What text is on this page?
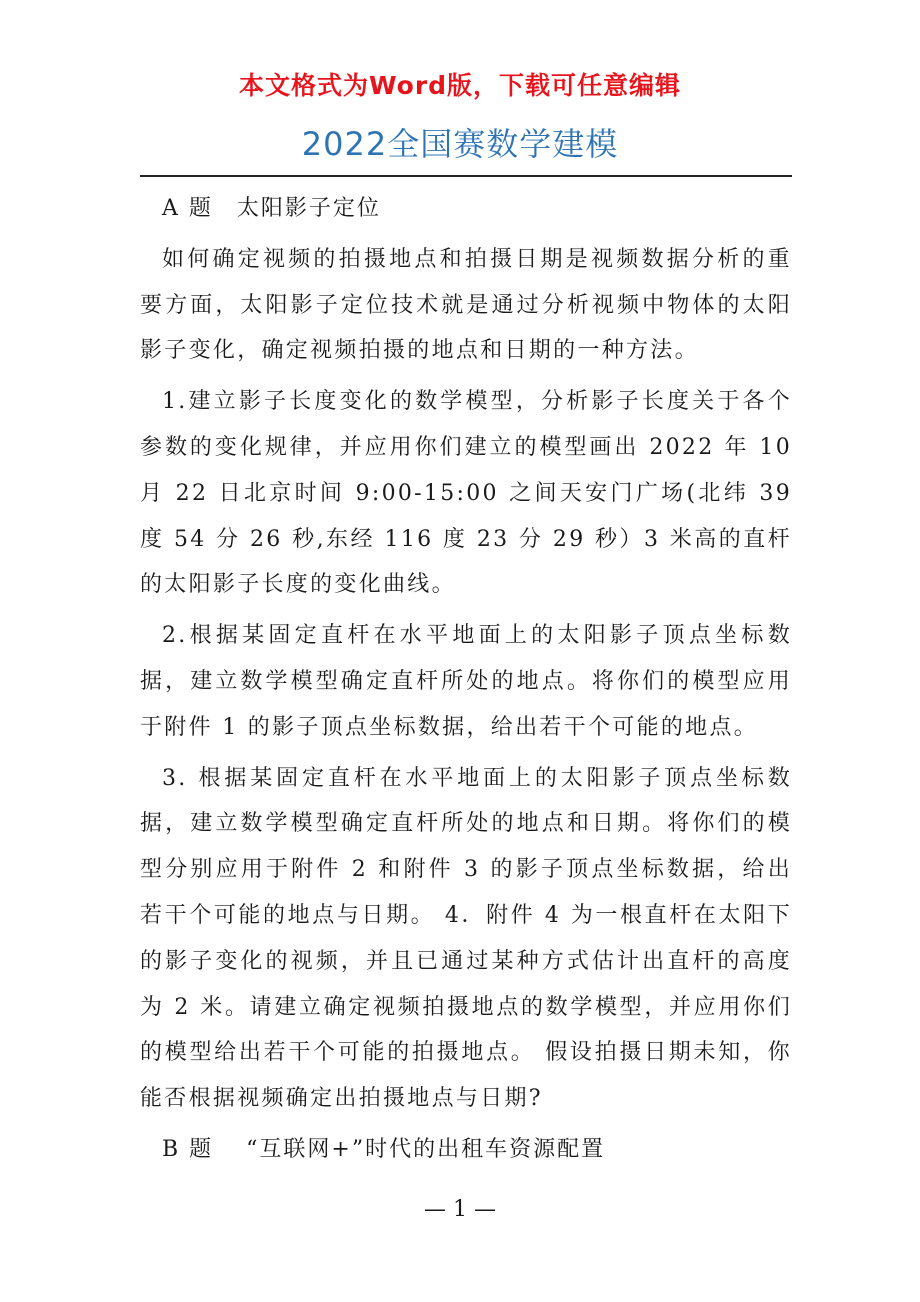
本文格式为Word版，下载可任意编辑
2022全国赛数学建模

A 题　太阳影子定位

如何确定视频的拍摄地点和拍摄日期是视频数据分析的重要方面，太阳影子定位技术就是通过分析视频中物体的太阳影子变化，确定视频拍摄的地点和日期的一种方法。

1.建立影子长度变化的数学模型，分析影子长度关于各个参数的变化规律，并应用你们建立的模型画出 2022 年 10 月 22 日北京时间 9:00-15:00 之间天安门广场(北纬 39 度 54 分 26 秒,东经 116 度 23 分 29 秒）3 米高的直杆的太阳影子长度的变化曲线。

2.根据某固定直杆在水平地面上的太阳影子顶点坐标数据，建立数学模型确定直杆所处的地点。将你们的模型应用于附件 1 的影子顶点坐标数据，给出若干个可能的地点。

3. 根据某固定直杆在水平地面上的太阳影子顶点坐标数据，建立数学模型确定直杆所处的地点和日期。将你们的模型分别应用于附件 2 和附件 3 的影子顶点坐标数据，给出若干个可能的地点与日期。 4．附件 4 为一根直杆在太阳下的影子变化的视频，并且已通过某种方式估计出直杆的高度为 2 米。请建立确定视频拍摄地点的数学模型，并应用你们的模型给出若干个可能的拍摄地点。 假设拍摄日期未知，你能否根据视频确定出拍摄地点与日期?

B 题　 “互联网+”时代的出租车资源配置

— 1 —
